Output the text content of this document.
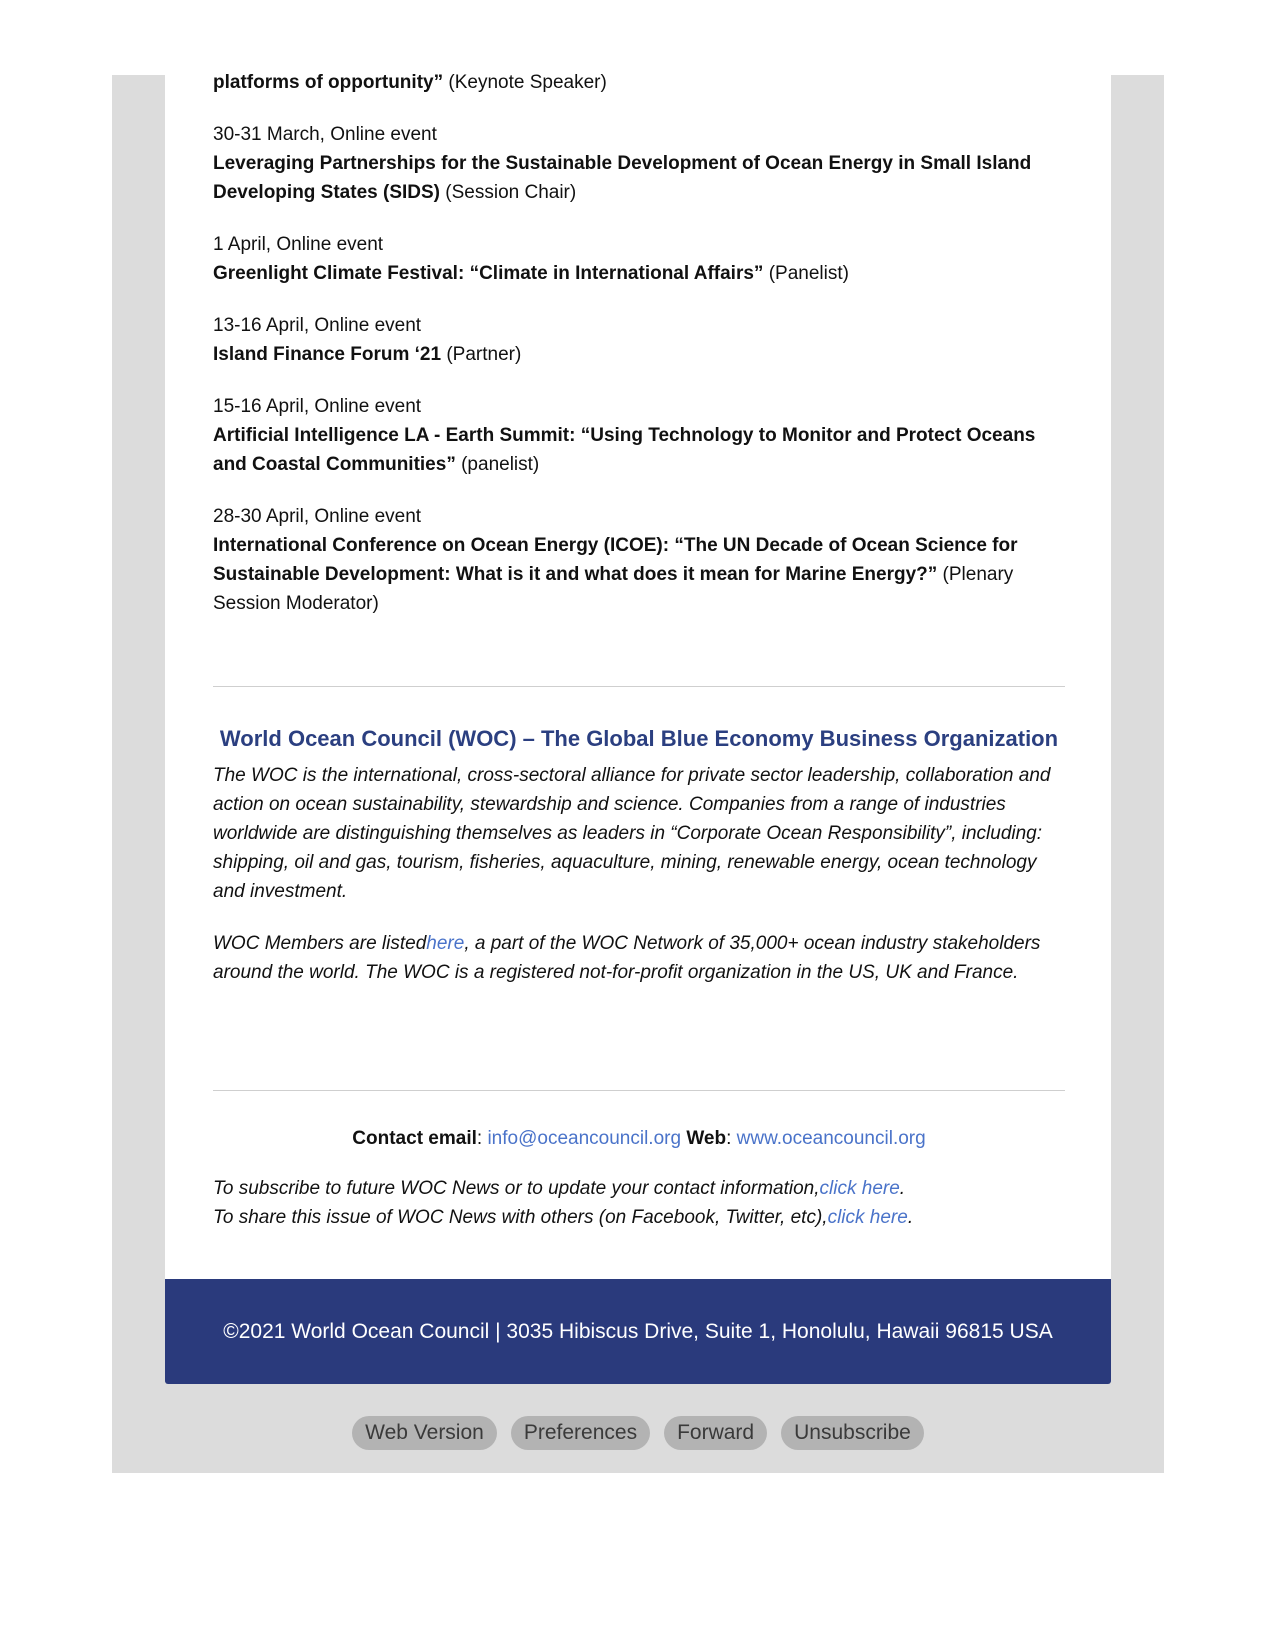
platforms of opportunity” (Keynote Speaker)

30-31 March, Online event

Leveraging Partnerships for the Sustainable Development of Ocean Energy in Small Island Developing States (SIDS) (Session Chair)

1 April, Online event

Greenlight Climate Festival: “Climate in International Affairs” (Panelist)

13-16 April, Online event

Island Finance Forum ‘21 (Partner)

15-16 April, Online event

Artificial Intelligence LA - Earth Summit: “Using Technology to Monitor and Protect Oceans and Coastal Communities” (panelist)

28-30 April, Online event

International Conference on Ocean Energy (ICOE): “The UN Decade of Ocean Science for Sustainable Development: What is it and what does it mean for Marine Energy?” (Plenary Session Moderator)

World Ocean Council (WOC) – The Global Blue Economy Business Organization

The WOC is the international, cross-sectoral alliance for private sector leadership, collaboration and action on ocean sustainability, stewardship and science. Companies from a range of industries worldwide are distinguishing themselves as leaders in “Corporate Ocean Responsibility”, including: shipping, oil and gas, tourism, fisheries, aquaculture, mining, renewable energy, ocean technology and investment.

WOC Members are listedhere, a part of the WOC Network of 35,000+ ocean industry stakeholders around the world. The WOC is a registered not-for-profit organization in the US, UK and France.

Contact email: info@oceancouncil.org Web: www.oceancouncil.org

To subscribe to future WOC News or to update your contact information,click here.

To share this issue of WOC News with others (on Facebook, Twitter, etc),click here.

©2021 World Ocean Council | 3035 Hibiscus Drive, Suite 1, Honolulu, Hawaii 96815 USA
Web Version Preferences Forward Unsubscribe
